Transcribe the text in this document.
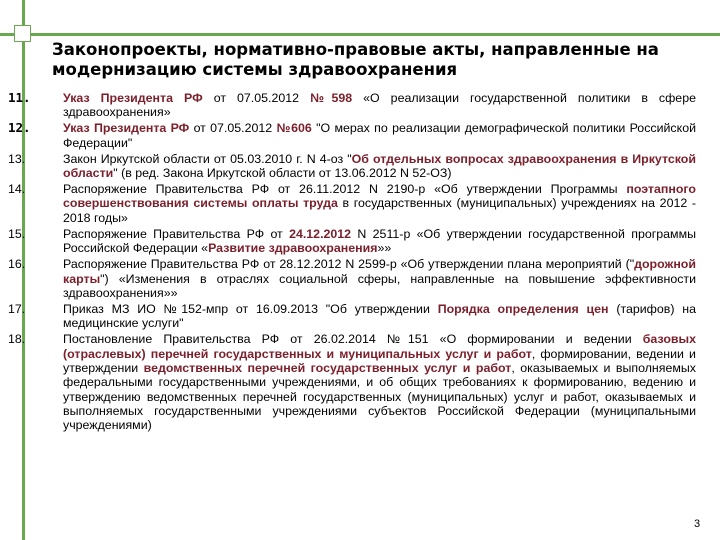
Законопроекты, нормативно-правовые акты, направленные на модернизацию системы здравоохранения
11.	Указ Президента РФ от 07.05.2012 №598 «О реализации государственной политики в сфере здравоохранения»
12.	Указ Президента РФ от 07.05.2012 №606 "О мерах по реализации демографической политики Российской Федерации"
13.	Закон Иркутской области от 05.03.2010 г. N 4-оз "Об отдельных вопросах здравоохранения в Иркутской области" (в ред. Закона Иркутской области от 13.06.2012 N 52-ОЗ)
14.	Распоряжение Правительства РФ от 26.11.2012 N 2190-р «Об утверждении Программы поэтапного совершенствования системы оплаты труда в государственных (муниципальных) учреждениях на 2012 - 2018 годы»
15.	Распоряжение Правительства РФ от 24.12.2012 N 2511-р «Об утверждении государственной программы Российской Федерации «Развитие здравоохранения»»
16.	Распоряжение Правительства РФ от 28.12.2012 N 2599-р «Об утверждении плана мероприятий ("дорожной карты") «Изменения в отраслях социальной сферы, направленные на повышение эффективности здравоохранения»»
17.	Приказ МЗ ИО №152-мпр от 16.09.2013 "Об утверждении Порядка определения цен (тарифов) на медицинские услуги"
18.	Постановление Правительства РФ от 26.02.2014 №151 «О формировании и ведении базовых (отраслевых) перечней государственных и муниципальных услуг и работ, формировании, ведении и утверждении ведомственных перечней государственных услуг и работ, оказываемых и выполняемых федеральными государственными учреждениями, и об общих требованиях к формированию, ведению и утверждению ведомственных перечней государственных (муниципальных) услуг и работ, оказываемых и выполняемых государственными учреждениями субъектов Российской Федерации (муниципальными учреждениями)
3
